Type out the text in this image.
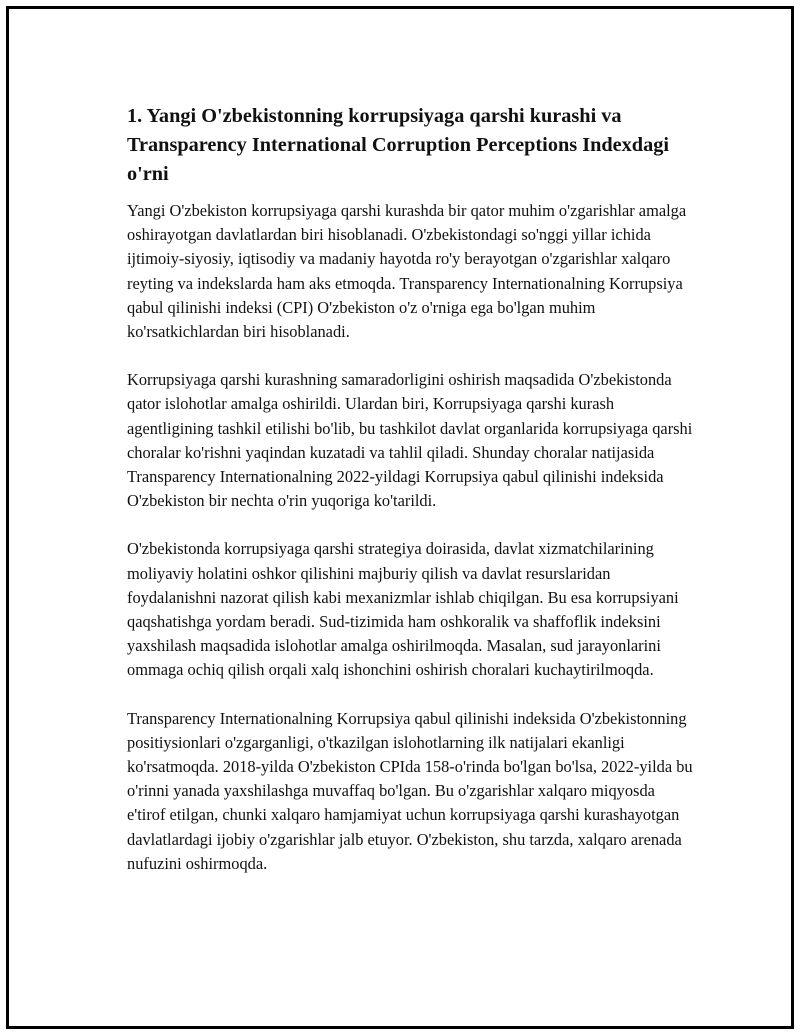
1. Yangi O'zbekistonning korrupsiyaga qarshi kurashi va Transparency International Corruption Perceptions Indexdagi o'rni

Yangi O'zbekiston korrupsiyaga qarshi kurashda bir qator muhim o'zgarishlar amalga oshirayotgan davlatlardan biri hisoblanadi. O'zbekistondagi so'nggi yillar ichida ijtimoiy-siyosiy, iqtisodiy va madaniy hayotda ro'y berayotgan o'zgarishlar xalqaro reyting va indekslarda ham aks etmoqda. Transparency Internationalning Korrupsiya qabul qilinishi indeksi (CPI) O'zbekiston o'z o'rniga ega bo'lgan muhim ko'rsatkichlardan biri hisoblanadi.

Korrupsiyaga qarshi kurashning samaradorligini oshirish maqsadida O'zbekistonda qator islohotlar amalga oshirildi. Ulardan biri, Korrupsiyaga qarshi kurash agentligining tashkil etilishi bo'lib, bu tashkilot davlat organlarida korrupsiyaga qarshi choralar ko'rishni yaqindan kuzatadi va tahlil qiladi. Shunday choralar natijasida Transparency Internationalning 2022-yildagi Korrupsiya qabul qilinishi indeksida O'zbekiston bir nechta o'rin yuqoriga ko'tarildi.

O'zbekistonda korrupsiyaga qarshi strategiya doirasida, davlat xizmatchilarining moliyaviy holatini oshkor qilishini majburiy qilish va davlat resurslaridan foydalanishni nazorat qilish kabi mexanizmlar ishlab chiqilgan. Bu esa korrupsiyani qaqshatishga yordam beradi. Sud-tizimida ham oshkoralik va shaffoflik indeksini yaxshilash maqsadida islohotlar amalga oshirilmoqda. Masalan, sud jarayonlarini ommaga ochiq qilish orqali xalq ishonchini oshirish choralari kuchaytirilmoqda.

Transparency Internationalning Korrupsiya qabul qilinishi indeksida O'zbekistonning positiysionlari o'zgarganligi, o'tkazilgan islohotlarning ilk natijalari ekanligi ko'rsatmoqda. 2018-yilda O'zbekiston CPIda 158-o'rinda bo'lgan bo'lsa, 2022-yilda bu o'rinni yanada yaxshilashga muvaffaq bo'lgan. Bu o'zgarishlar xalqaro miqyosda e'tirof etilgan, chunki xalqaro hamjamiyat uchun korrupsiyaga qarshi kurashayotgan davlatlardagi ijobiy o'zgarishlar jalb etuyor. O'zbekiston, shu tarzda, xalqaro arenada nufuzini oshirmoqda.
